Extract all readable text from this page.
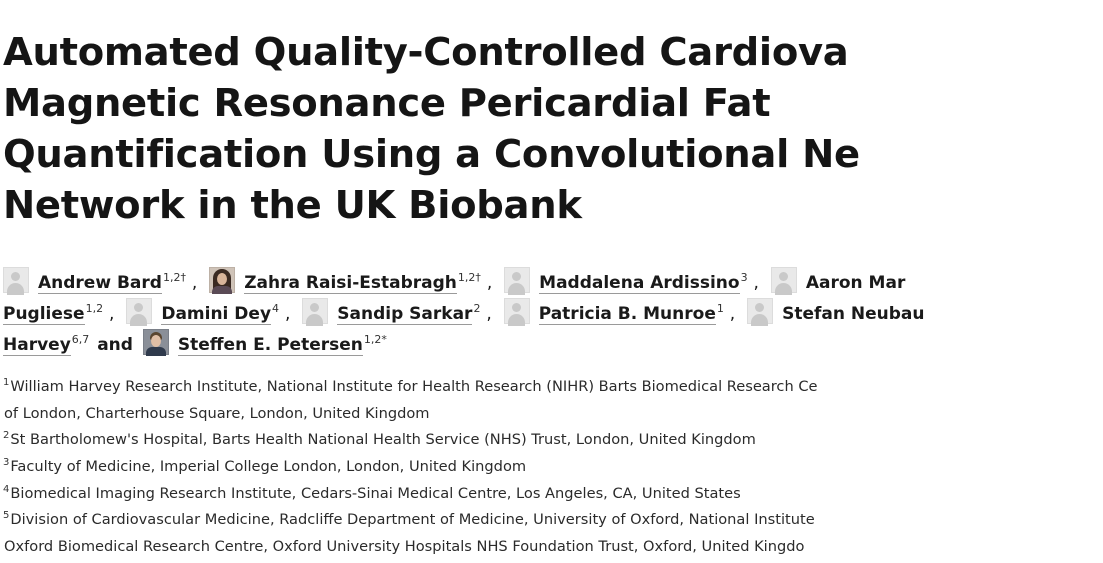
Automated Quality-Controlled Cardiova
Magnetic Resonance Pericardial Fat
Quantification Using a Convolutional Ne
Network in the UK Biobank
Andrew Bard$^{1,2\dagger}$ ,	Zahra Raisi-Estabragh$^{1,2\dagger}$ ,	Maddalena Ardissino$^3$ ,	Aaron Mar
Pugliese$^{1,2}$ ,	Damini Dey$^4$ ,	Sandip Sarkar$^2$ ,	Patricia B. Munroe$^1$ ,	Stefan Neubau
Harvey$^{6,7}$ and	Steffen E. Petersen$^{1,2*}$
$^1$William Harvey Research Institute, National Institute for Health Research (NIHR) Barts Biomedical Research Ce
of London, Charterhouse Square, London, United Kingdom
$^2$St Bartholomew's Hospital, Barts Health National Health Service (NHS) Trust, London, United Kingdom
$^3$Faculty of Medicine, Imperial College London, London, United Kingdom
$^4$Biomedical Imaging Research Institute, Cedars-Sinai Medical Centre, Los Angeles, CA, United States
$^5$Division of Cardiovascular Medicine, Radcliffe Department of Medicine, University of Oxford, National Institute
Oxford Biomedical Research Centre, Oxford University Hospitals NHS Foundation Trust, Oxford, United Kingdo
